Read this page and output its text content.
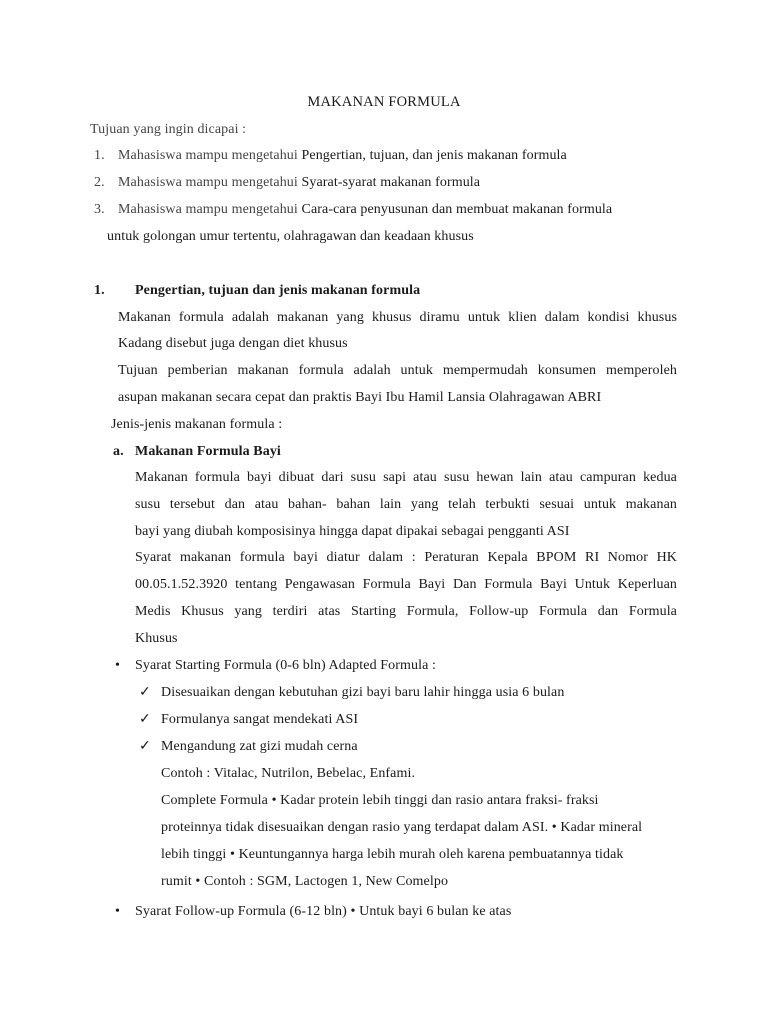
MAKANAN FORMULA
Tujuan yang ingin dicapai :
1. Mahasiswa mampu mengetahui Pengertian, tujuan, dan jenis makanan formula
2. Mahasiswa mampu mengetahui Syarat-syarat makanan formula
3. Mahasiswa mampu mengetahui Cara-cara penyusunan dan membuat makanan formula
untuk golongan umur tertentu, olahragawan dan keadaan khusus
1. Pengertian, tujuan dan jenis makanan formula
Makanan formula adalah makanan yang khusus diramu untuk klien dalam kondisi khusus
Kadang disebut juga dengan diet khusus
Tujuan pemberian makanan formula adalah untuk mempermudah konsumen memperoleh
asupan makanan secara cepat dan praktis Bayi Ibu Hamil Lansia Olahragawan ABRI
Jenis-jenis makanan formula :
a. Makanan Formula Bayi
Makanan formula bayi dibuat dari susu sapi atau susu hewan lain atau campuran kedua
susu tersebut dan atau bahan- bahan lain yang telah terbukti sesuai untuk makanan
bayi yang diubah komposisinya hingga dapat dipakai sebagai pengganti ASI
Syarat makanan formula bayi diatur dalam : Peraturan Kepala BPOM RI Nomor HK
00.05.1.52.3920 tentang Pengawasan Formula Bayi Dan Formula Bayi Untuk Keperluan
Medis Khusus yang terdiri atas Starting Formula, Follow-up Formula dan Formula
Khusus
• Syarat Starting Formula (0-6 bln) Adapted Formula :
✓ Disesuaikan dengan kebutuhan gizi bayi baru lahir hingga usia 6 bulan
✓ Formulanya sangat mendekati ASI
✓ Mengandung zat gizi mudah cerna
Contoh : Vitalac, Nutrilon, Bebelac, Enfami.
Complete Formula • Kadar protein lebih tinggi dan rasio antara fraksi- fraksi
proteinnya tidak disesuaikan dengan rasio yang terdapat dalam ASI. • Kadar mineral
lebih tinggi • Keuntungannya harga lebih murah oleh karena pembuatannya tidak
rumit • Contoh : SGM, Lactogen 1, New Comelpo
• Syarat Follow-up Formula (6-12 bln) • Untuk bayi 6 bulan ke atas
